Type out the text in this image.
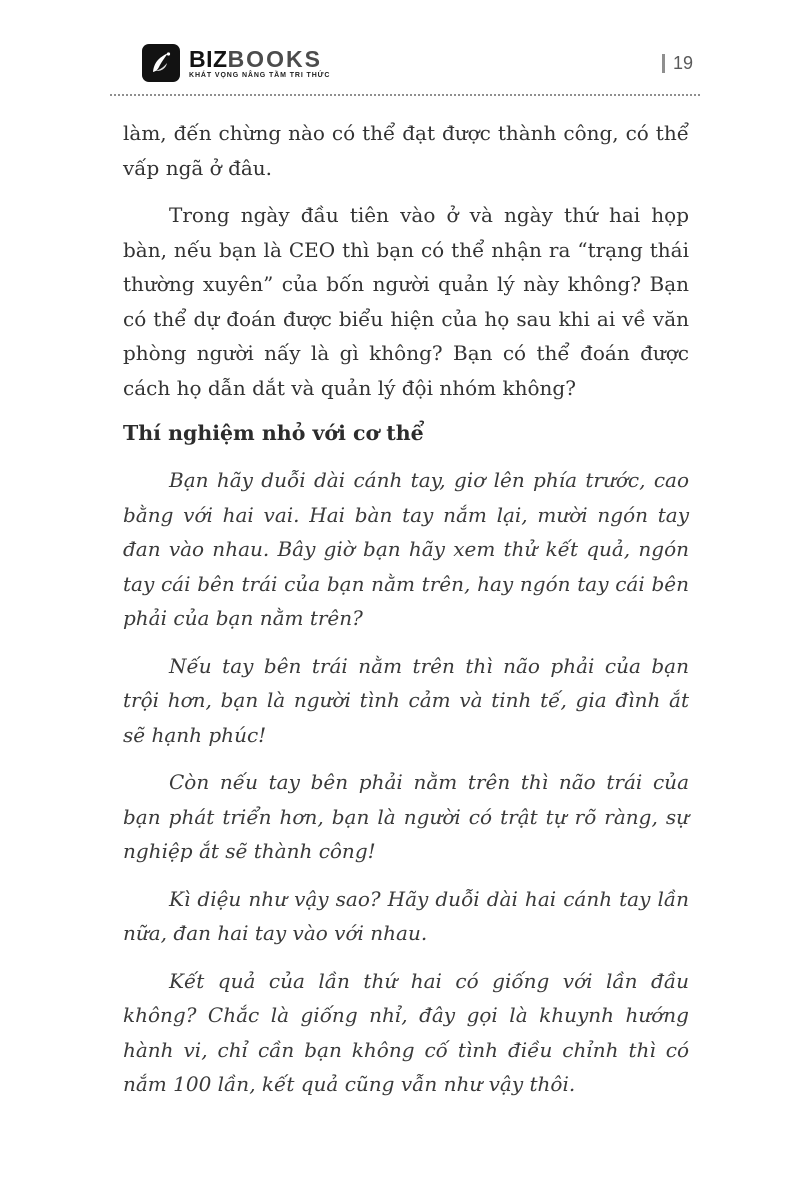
BIZBOOKS
KHÁT VỌNG NÂNG TẦM TRI THỨC
19

làm, đến chừng nào có thể đạt được thành công, có thể vấp ngã ở đâu.

Trong ngày đầu tiên vào ở và ngày thứ hai họp bàn, nếu bạn là CEO thì bạn có thể nhận ra “trạng thái thường xuyên” của bốn người quản lý này không? Bạn có thể dự đoán được biểu hiện của họ sau khi ai về văn phòng người nấy là gì không? Bạn có thể đoán được cách họ dẫn dắt và quản lý đội nhóm không?

Thí nghiệm nhỏ với cơ thể

Bạn hãy duỗi dài cánh tay, giơ lên phía trước, cao bằng với hai vai. Hai bàn tay nắm lại, mười ngón tay đan vào nhau. Bây giờ bạn hãy xem thử kết quả, ngón tay cái bên trái của bạn nằm trên, hay ngón tay cái bên phải của bạn nằm trên?

Nếu tay bên trái nằm trên thì não phải của bạn trội hơn, bạn là người tình cảm và tinh tế, gia đình ắt sẽ hạnh phúc!

Còn nếu tay bên phải nằm trên thì não trái của bạn phát triển hơn, bạn là người có trật tự rõ ràng, sự nghiệp ắt sẽ thành công!

Kì diệu như vậy sao? Hãy duỗi dài hai cánh tay lần nữa, đan hai tay vào với nhau.

Kết quả của lần thứ hai có giống với lần đầu không? Chắc là giống nhỉ, đây gọi là khuynh hướng hành vi, chỉ cần bạn không cố tình điều chỉnh thì có nắm 100 lần, kết quả cũng vẫn như vậy thôi.
